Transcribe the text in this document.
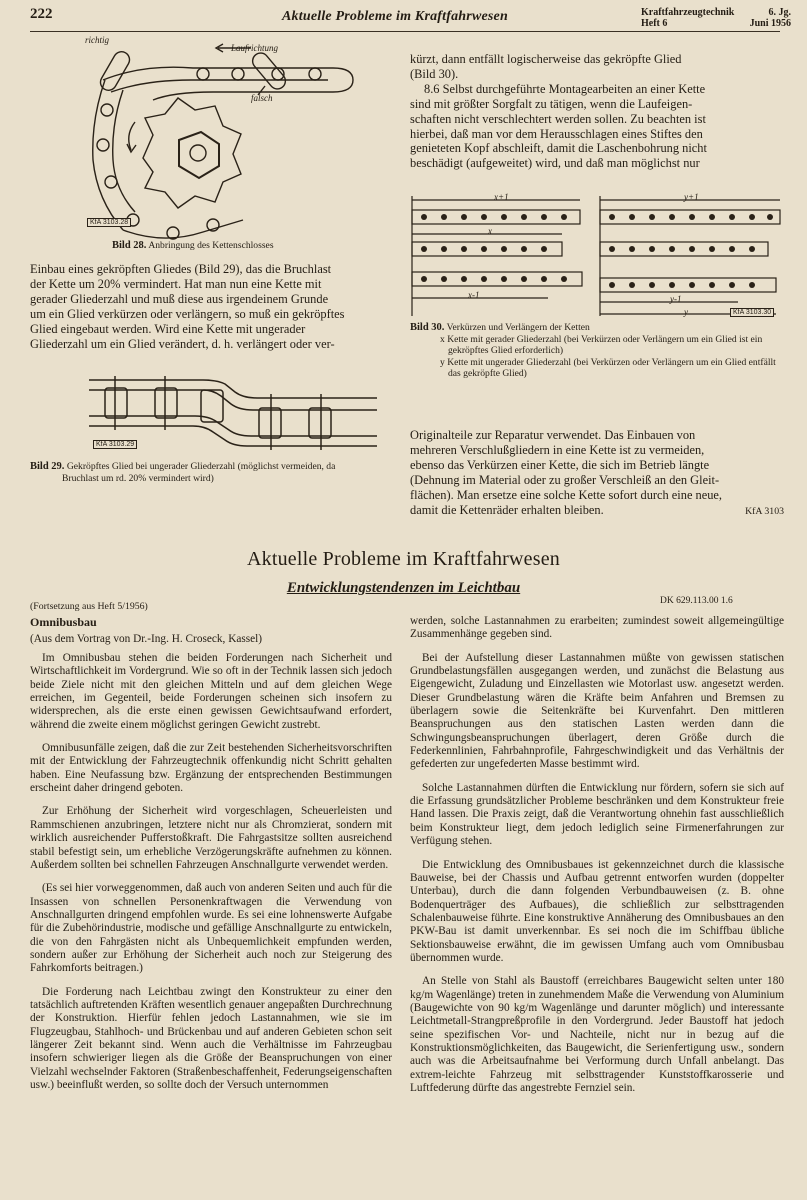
222	Aktuelle Probleme im Kraftfahrwesen	Kraftfahrzeugtechnik	6. Jg.
Heft 6	Juni 1956
Laufrichtung
richtig
falsch
KfA 3103.28
Bild 28. Anbringung des Kettenschlosses
Einbau eines gekröpften Gliedes (Bild 29), das die Bruchlast
der Kette um 20% vermindert. Hat man nun eine Kette mit
gerader Gliederzahl und muß diese aus irgendeinem Grunde
um ein Glied verkürzen oder verlängern, so muß ein gekröpftes
Glied eingebaut werden. Wird eine Kette mit ungerader
Gliederzahl um ein Glied verändert, d. h. verlängert oder ver-
KfA 3103.29
Bild 29. Gekröpftes Glied bei ungerader Gliederzahl (möglichst vermeiden, da
Bruchlast um rd. 20% vermindert wird)
kürzt, dann entfällt logischerweise das gekröpfte Glied
(Bild 30).
8.6 Selbst durchgeführte Montagearbeiten an einer Kette
sind mit größter Sorgfalt zu tätigen, wenn die Laufeigen-
schaften nicht verschlechtert werden sollen. Zu beachten ist
hierbei, daß man vor dem Herausschlagen eines Stiftes den
genieteten Kopf abschleift, damit die Laschenbohrung nicht
beschädigt (aufgeweitet) wird, und daß man möglichst nur
x+1	y+1
x
x-1	y-1
y	KfA 3103.30
Bild 30. Verkürzen und Verlängern der Ketten
x Kette mit gerader Gliederzahl (bei Verkürzen oder Verlängern um ein Glied ist ein gekröpftes Glied erforderlich)
y Kette mit ungerader Gliederzahl (bei Verkürzen oder Verlängern um ein Glied entfällt das gekröpfte Glied)
Originalteile zur Reparatur verwendet. Das Einbauen von
mehreren Verschlußgliedern in eine Kette ist zu vermeiden,
ebenso das Verkürzen einer Kette, die sich im Betrieb längte
(Dehnung im Material oder zu großer Verschleiß an den Gleit-
flächen). Man ersetze eine solche Kette sofort durch eine neue,
damit die Kettenräder erhalten bleiben.	KfA 3103
Aktuelle Probleme im Kraftfahrwesen
Entwicklungstendenzen im Leichtbau
DK 629.113.00 1.6

(Fortsetzung aus Heft 5/1956)

Omnibusbau

(Aus dem Vortrag von Dr.-Ing. H. Croseck, Kassel)

Im Omnibusbau stehen die beiden Forderungen nach Sicherheit und Wirtschaftlichkeit im Vordergrund. Wie so oft in der Technik lassen sich jedoch beide Ziele nicht mit den gleichen Mitteln und auf dem gleichen Wege erreichen, im Gegenteil, beide Forderungen scheinen sich insofern zu widersprechen, als die erste einen gewissen Gewichtsaufwand erfordert, während die zweite einem möglichst geringen Gewicht zustrebt.

Omnibusunfälle zeigen, daß die zur Zeit bestehenden Sicherheitsvorschriften mit der Entwicklung der Fahrzeugtechnik offenkundig nicht Schritt gehalten haben. Eine Neufassung bzw. Ergänzung der entsprechenden Bestimmungen erscheint daher dringend geboten.

Zur Erhöhung der Sicherheit wird vorgeschlagen, Scheuerleisten und Rammschienen anzubringen, letztere nicht nur als Chromzierat, sondern mit wirklich ausreichender Pufferstoßkraft. Die Fahrgastsitze sollten ausreichend stabil befestigt sein, um erhebliche Verzögerungskräfte aufnehmen zu können. Außerdem sollten bei schnellen Fahrzeugen Anschnallgurte verwendet werden.

(Es sei hier vorweggenommen, daß auch von anderen Seiten und auch für die Insassen von schnellen Personenkraftwagen die Verwendung von Anschnallgurten dringend empfohlen wurde. Es sei eine lohnenswerte Aufgabe für die Zubehörindustrie, modische und gefällige Anschnallgurte zu entwickeln, die von den Fahrgästen nicht als Unbequemlichkeit empfunden werden, sondern außer zur Erhöhung der Sicherheit auch noch zur Steigerung des Fahrkomforts beitragen.)

Die Forderung nach Leichtbau zwingt den Konstrukteur zu einer den tatsächlich auftretenden Kräften wesentlich genauer angepaßten Durchrechnung der Konstruktion. Hierfür fehlen jedoch Lastannahmen, wie sie im Flugzeugbau, Stahlhoch- und Brückenbau und auf anderen Gebieten schon seit längerer Zeit bekannt sind. Wenn auch die Verhältnisse im Fahrzeugbau insofern schwieriger liegen als die Größe der Beanspruchungen von einer Vielzahl wechselnder Faktoren (Straßenbeschaffenheit, Federungseigenschaften usw.) beeinflußt werden, so sollte doch der Versuch unternommen

werden, solche Lastannahmen zu erarbeiten; zumindest soweit allgemeingültige Zusammenhänge gegeben sind.

Bei der Aufstellung dieser Lastannahmen müßte von gewissen statischen Grundbelastungsfällen ausgegangen werden, und zunächst die Belastung aus Eigengewicht, Zuladung und Einzellasten wie Motorlast usw. angesetzt werden. Dieser Grundbelastung wären die Kräfte beim Anfahren und Bremsen zu überlagern sowie die Seitenkräfte bei Kurvenfahrt. Den mittleren Beanspruchungen aus den statischen Lasten werden dann die Schwingungsbeanspruchungen überlagert, deren Größe durch die Federkennlinien, Fahrbahnprofile, Fahrgeschwindigkeit und das Verhältnis der gefederten zur ungefederten Masse bestimmt wird.

Solche Lastannahmen dürften die Entwicklung nur fördern, sofern sie sich auf die Erfassung grundsätzlicher Probleme beschränken und dem Konstrukteur freie Hand lassen. Die Praxis zeigt, daß die Verantwortung ohnehin fast ausschließlich beim Konstrukteur liegt, dem jedoch lediglich seine Firmenerfahrungen zur Verfügung stehen.

Die Entwicklung des Omnibusbaues ist gekennzeichnet durch die klassische Bauweise, bei der Chassis und Aufbau getrennt entworfen wurden (doppelter Unterbau), durch die dann folgenden Verbundbauweisen (z. B. ohne Bodenquerträger des Aufbaues), die schließlich zur selbsttragenden Schalenbauweise führte. Eine konstruktive Annäherung des Omnibusbaues an den PKW-Bau ist damit unverkennbar. Es sei noch die im Schiffbau übliche Sektionsbauweise erwähnt, die im gewissen Umfang auch vom Omnibusbau übernommen wurde.

An Stelle von Stahl als Baustoff (erreichbares Baugewicht selten unter 180 kg/m Wagenlänge) treten in zunehmendem Maße die Verwendung von Aluminium (Baugewichte von 90 kg/m Wagenlänge und darunter möglich) und interessante Leichtmetall-Strangpreßprofile in den Vordergrund. Jeder Baustoff hat jedoch seine spezifischen Vor- und Nachteile, nicht nur in bezug auf die Konstruktionsmöglichkeiten, das Baugewicht, die Serienfertigung usw., sondern auch was die Arbeitsaufnahme bei Verformung durch Unfall anbelangt. Das extrem-leichte Fahrzeug mit selbsttragender Kunststoffkarosserie und Luftfederung dürfte das angestrebte Fernziel sein.
